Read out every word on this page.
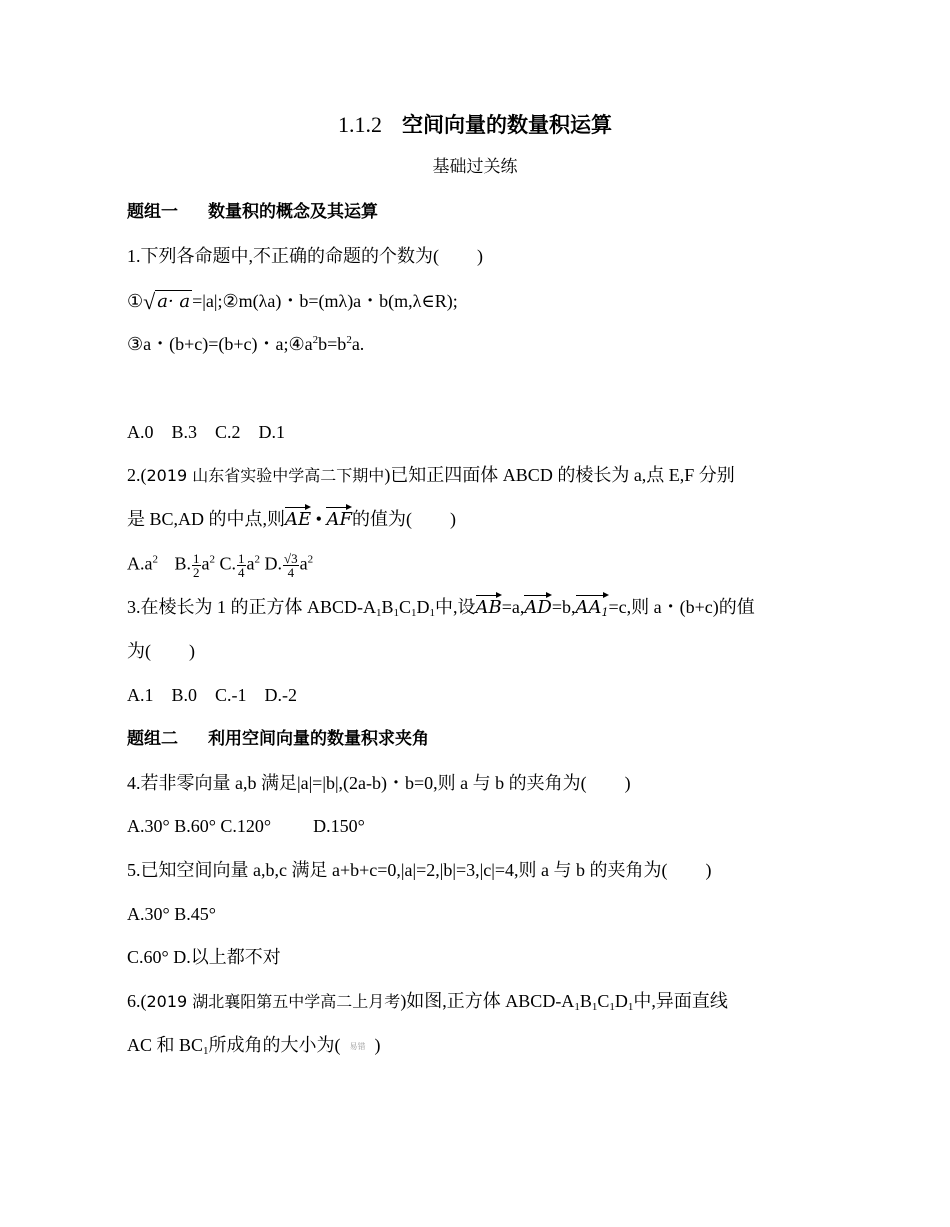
1.1.2 空间向量的数量积运算
基础过关练
题组一 数量积的概念及其运算
1.下列各命题中,不正确的命题的个数为( )
①√ a· a =|a|;②m(λa)・b=(mλ)a・b(m,λ∈R);
③a・(b+c)=(b+c)・$a;④a^2b=b^2a$.
A.0    B.3    C.2    D.1
2.(2019 山东省实验中学高二下期中)已知正四面体 ABCD 的棱长为 a,点 E,F 分别
是 BC,AD 的中点,则AE • AF的值为( )
$A.a^2$ B. $\frac{1}{2} a^2$ C. $\frac{1}{4} a^2$ D. $\frac{√3}{4} a^2$
3.在棱长为 1 的正方体 ABCD-$A_1B_1C_1D_1$中,设$AB=a,AD=b,AA_1=c$,则 a・(b+c)的值
为( )
A.1    B.0    C.-1    D.-2
题组二 利用空间向量的数量积求夹角
4.若非零向量 a,b 满足|a|=|b|,(2a-b)・b=0,则 a 与 b 的夹角为( )
A.30° B.60° C.120° D.150°
5.已知空间向量 a,b,c 满足 a+b+c=0,|a|=2,|b|=3,|c|=4,则 a 与 b 的夹角为( )
A.30° B.45°
C.60° D.以上都不对
6.(2019 湖北襄阳第五中学高二上月考)如图,正方体 ABCD-$A_1B_1C_1D_1$中,异面直线
AC 和 $BC_1$所成角的大小为( 易错 )
